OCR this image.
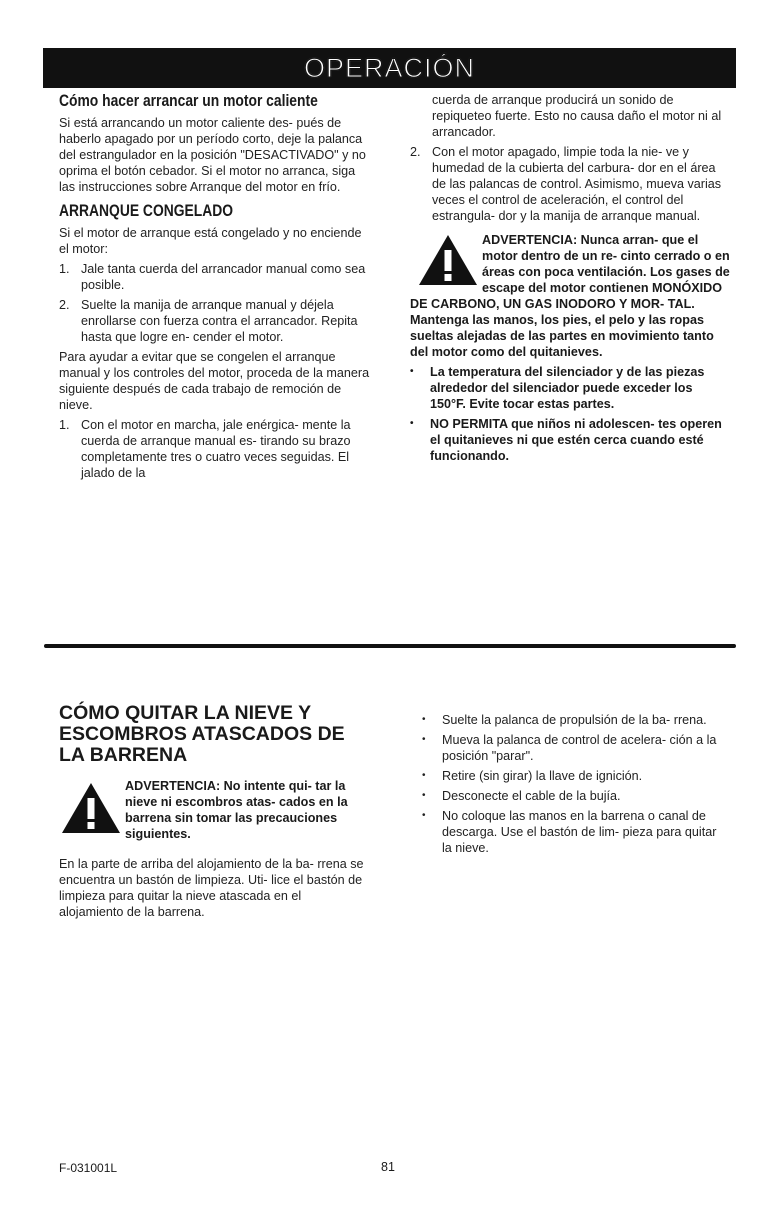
OPERACIÓN
Cómo hacer arrancar un motor caliente

Si está arrancando un motor caliente des- pués de haberlo apagado por un período corto, deje la palanca del estrangulador en la posición "DESACTIVADO" y no oprima el botón cebador. Si el motor no arranca, siga las instrucciones sobre Arranque del motor en frío.

ARRANQUE CONGELADO

Si el motor de arranque está congelado y no enciende el motor:

1. Jale tanta cuerda del arrancador manual como sea posible.
2. Suelte la manija de arranque manual y déjela enrollarse con fuerza contra el arrancador. Repita hasta que logre en- cender el motor.

Para ayudar a evitar que se congelen el arranque manual y los controles del motor, proceda de la manera siguiente después de cada trabajo de remoción de nieve.

1. Con el motor en marcha, jale enérgica- mente la cuerda de arranque manual es- tirando su brazo completamente tres o cuatro veces seguidas. El jalado de la
cuerda de arranque producirá un sonido de repiqueteo fuerte. Esto no causa daño el motor ni al arrancador.
2. Con el motor apagado, limpie toda la nie- ve y humedad de la cubierta del carbura- dor en el área de las palancas de control. Asimismo, mueva varias veces el control de aceleración, el control del estrangula- dor y la manija de arranque manual.
ADVERTENCIA: Nunca arran- que el motor dentro de un re- cinto cerrado o en áreas con poca ventilación. Los gases de escape del motor contienen MONÓXIDO DE CARBONO, UN GAS INODORO Y MOR- TAL. Mantenga las manos, los pies, el pelo y las ropas sueltas alejadas de las partes en movimiento tanto del motor como del quitanieves.
•	La temperatura del silenciador y de las piezas alrededor del silenciador puede exceder los 150°F. Evite tocar estas partes.
•	NO PERMITA que niños ni adolescen- tes operen el quitanieves ni que estén cerca cuando esté funcionando.
CÓMO QUITAR LA NIEVE Y
ESCOMBROS ATASCADOS DE
LA BARRENA
ADVERTENCIA: No intente qui- tar la nieve ni escombros atas- cados en la barrena sin tomar las precauciones siguientes.

En la parte de arriba del alojamiento de la ba- rrena se encuentra un bastón de limpieza. Uti- lice el bastón de limpieza para quitar la nieve atascada en el alojamiento de la barrena.

•	Suelte la palanca de propulsión de la ba- rrena.
•	Mueva la palanca de control de acelera- ción a la posición "parar".
•	Retire (sin girar) la llave de ignición.
•	Desconecte el cable de la bujía.
•	No coloque las manos en la barrena o canal de descarga. Use el bastón de lim- pieza para quitar la nieve.
F-031001L	81
